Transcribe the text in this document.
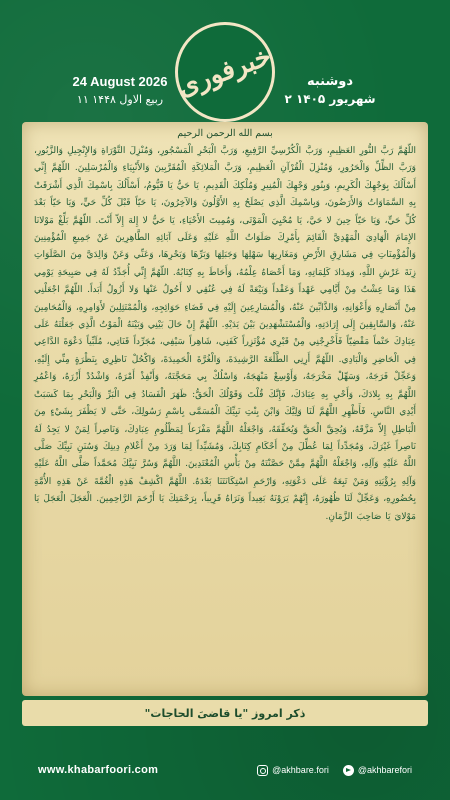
24 August 2026
۱۱ ربیع الاول ۱۴۴۸ خبرفوری	دوشنبه
۲ شهریور ۱۴۰۵
بسم الله الرحمن الرحیم
اللّهُمَّ رَبَّ النُّورِ العَظِيمِ، وَرَبَّ الْكُرْسِيِّ الرَّفِيعِ، وَرَبَّ الْبَحْرِ الْمَسْجُورِ، وَمُنْزِلَ التَّوْرَاةِ وَالإِنْجِيلِ وَالزَّبُورِ، وَرَبَّ الظِّلِّ وَالْحَرُورِ، وَمُنْزِلَ الْقُرْآنِ الْعَظِيمِ، وَرَبَّ الْمَلائِكَةِ الْمُقَرَّبِينَ وَالأَنْبِيَاءِ وَالْمُرْسَلِينَ. اللّهُمَّ إِنِّي أَسْأَلُكَ بِوَجْهِكَ الْكَرِيمِ، وَبِنُورِ وَجْهِكَ الْمُنِيرِ وَمُلْكِكَ الْقَدِيمِ، يَا حَيُّ يَا قَيُّومُ، أَسْأَلُكَ بِاسْمِكَ الَّذِي أَشْرَقَتْ بِهِ السَّمَاوَاتُ وَالأَرَضُونَ، وَبِاسْمِكَ الَّذِي يَصْلَحُ بِهِ الأَوَّلُونَ وَالآخِرُونَ، يَا حَيّاً قَبْلَ كُلِّ حَيٍّ، وَيَا حَيّاً بَعْدَ كُلِّ حَيٍّ، وَيَا حَيّاً حِينَ لا حَيَّ، يَا مُحْيِيَ الْمَوْتَى، وَمُمِيتَ الأَحْيَاءِ، يَا حَيُّ لا إِلهَ إِلاّ أَنْتَ. اللّهُمَّ بَلِّغْ مَوْلانَا الإِمَامَ الْهَادِيَ الْمَهْدِيَّ الْقَائِمَ بِأَمْرِكَ صَلَوَاتُ اللَّهِ عَلَيْهِ وَعَلَى آبَائِهِ الطَّاهِرِينَ عَنْ جَمِيعِ الْمُؤْمِنِينَ وَالْمُؤْمِنَاتِ فِي مَشَارِقِ الأَرْضِ وَمَغَارِبِهَا سَهْلِهَا وَجَبَلِهَا وَبَرِّهَا وَبَحْرِهَا، وَعَنِّي وَعَنْ وَالِدَيَّ مِنَ الصَّلَوَاتِ زِنَةَ عَرْشِ اللَّهِ، وَمِدَادَ كَلِمَاتِهِ، وَمَا أَحْصَاهُ عِلْمُهُ، وَأَحَاطَ بِهِ كِتَابُهُ. اللّهُمَّ إِنِّي أُجَدِّدُ لَهُ فِي صَبِيحَةِ يَوْمِي هَذَا وَمَا عِشْتُ مِنْ أَيَّامِي عَهْداً وَعَقْداً وَبَيْعَةً لَهُ فِي عُنُقِي لا أَحُولُ عَنْهَا وَلا أَزُولُ أَبَداً. اللّهُمَّ اجْعَلْنِي مِنْ أَنْصَارِهِ وَأَعْوَانِهِ، وَالذَّابِّينَ عَنْهُ، وَالْمُسَارِعِينَ إِلَيْهِ فِي قَضَاءِ حَوَائِجِهِ، وَالْمُمْتَثِلِينَ لأَوَامِرِهِ، وَالْمُحَامِينَ عَنْهُ، وَالسَّابِقِينَ إِلَى إِرَادَتِهِ، وَالْمُسْتَشْهَدِينَ بَيْنَ يَدَيْهِ. اللّهُمَّ إِنْ حَالَ بَيْنِي وَبَيْنَهُ الْمَوْتُ الَّذِي جَعَلْتَهُ عَلَى عِبَادِكَ حَتْماً مَقْضِيّاً فَأَخْرِجْنِي مِنْ قَبْرِي مُؤْتَزِراً كَفَنِي، شَاهِراً سَيْفِي، مُجَرِّداً قَنَاتِي، مُلَبِّياً دَعْوَةَ الدَّاعِي فِي الْحَاضِرِ وَالْبَادِي. اللّهُمَّ أَرِنِي الطَّلْعَةَ الرَّشِيدَةَ، وَالْغُرَّةَ الْحَمِيدَةَ، وَاكْحُلْ نَاظِرِي بِنَظْرَةٍ مِنِّي إِلَيْهِ، وَعَجِّلْ فَرَجَهُ، وَسَهِّلْ مَخْرَجَهُ، وَأَوْسِعْ مَنْهَجَهُ، وَاسْلُكْ بِي مَحَجَّتَهُ، وَأَنْفِذْ أَمْرَهُ، وَاشْدُدْ أَزْرَهُ، وَاعْمُرِ اللَّهُمَّ بِهِ بِلادَكَ، وَأَحْيِ بِهِ عِبَادَكَ، فَإِنَّكَ قُلْتَ وَقَوْلُكَ الْحَقُّ: ظَهَرَ الْفَسَادُ فِي الْبَرِّ وَالْبَحْرِ بِمَا كَسَبَتْ أَيْدِي النَّاسِ. فَأَظْهِرِ اللَّهُمَّ لَنَا وَلِيَّكَ وَابْنَ بِنْتِ نَبِيِّكَ الْمُسَمَّى بِاسْمِ رَسُولِكَ، حَتَّى لا يَظْفَرَ بِشَيْءٍ مِنَ الْبَاطِلِ إِلاّ مَزَّقَهُ، وَيُحِقَّ الْحَقَّ وَيُحَقِّقَهُ، وَاجْعَلْهُ اللَّهُمَّ مَفْزَعاً لِمَظْلُومِ عِبَادِكَ، وَنَاصِراً لِمَنْ لا يَجِدُ لَهُ نَاصِراً غَيْرَكَ، وَمُجَدِّداً لِمَا عُطِّلَ مِنْ أَحْكَامِ كِتَابِكَ، وَمُشَيِّداً لِمَا وَرَدَ مِنْ أَعْلامِ دِينِكَ وَسُنَنِ نَبِيِّكَ صَلَّى اللَّهُ عَلَيْهِ وَآلِهِ، وَاجْعَلْهُ اللَّهُمَّ مِمَّنْ حَصَّنْتَهُ مِنْ بَأْسِ الْمُعْتَدِينَ. اللَّهُمَّ وَسُرَّ نَبِيَّكَ مُحَمَّداً صَلَّى اللَّهُ عَلَيْهِ وَآلِهِ بِرُؤْيَتِهِ وَمَنْ تَبِعَهُ عَلَى دَعْوَتِهِ، وَارْحَمِ اسْتِكَانَتَنَا بَعْدَهُ. اللَّهُمَّ اكْشِفْ هَذِهِ الْغُمَّةَ عَنْ هَذِهِ الأُمَّةِ بِحُضُورِهِ، وَعَجِّلْ لَنَا ظُهُورَهُ، إِنَّهُمْ يَرَوْنَهُ بَعِيداً وَنَرَاهُ قَرِيباً، بِرَحْمَتِكَ يَا أَرْحَمَ الرَّاحِمِينَ. الْعَجَلَ الْعَجَلَ يَا مَوْلايَ يَا صَاحِبَ الزَّمَانِ.
ذکر امروز "یا قاضیَ الحاجات"
www.khabarfoori.com	@akhbare.fori	@akhbarefori
